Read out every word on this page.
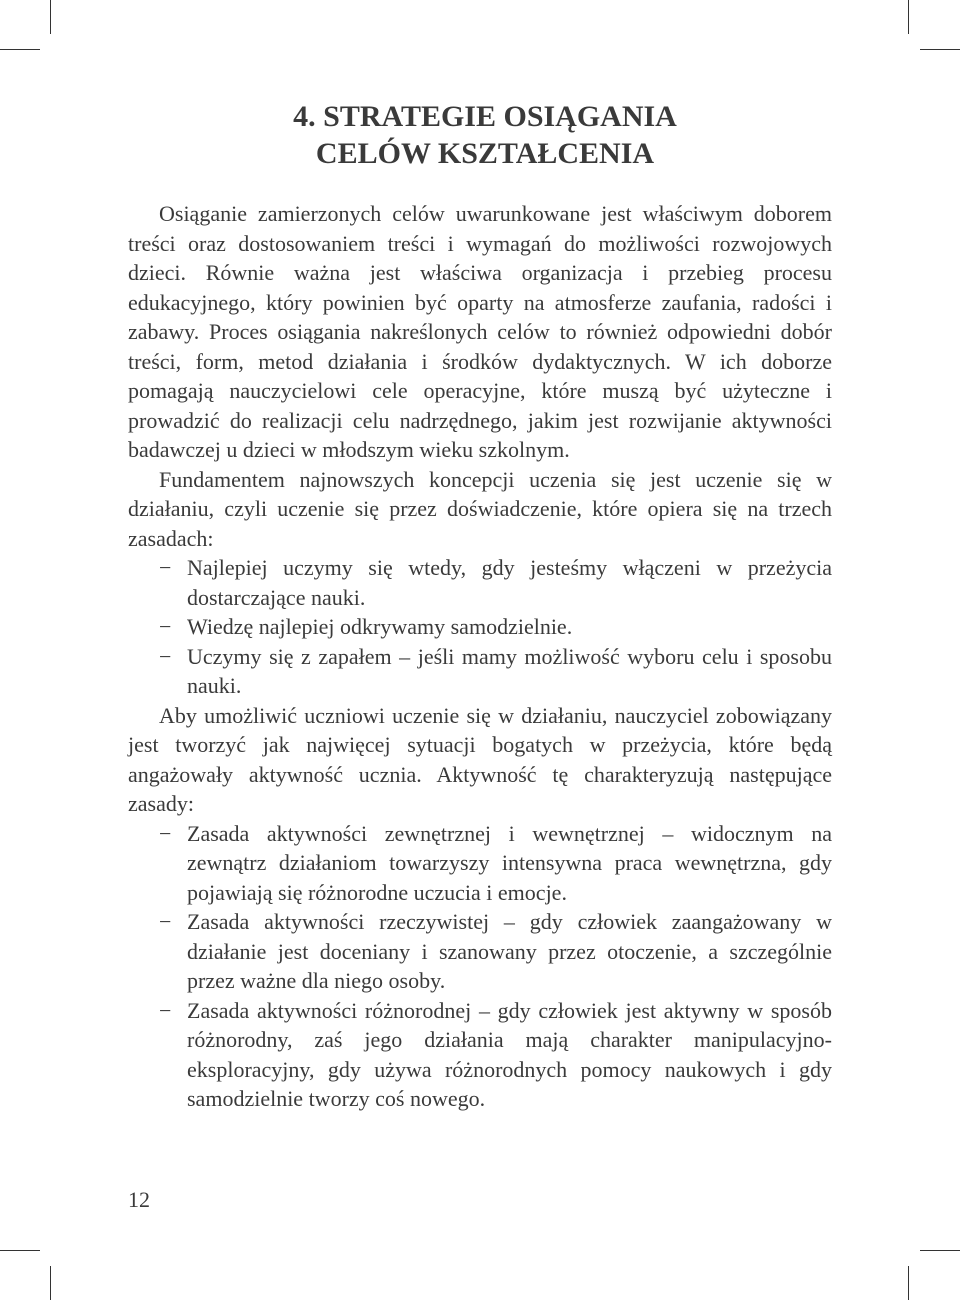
4. STRATEGIE OSIĄGANIA
CELÓW KSZTAŁCENIA

Osiąganie zamierzonych celów uwarunkowane jest właściwym doborem treści oraz dostosowaniem treści i wymagań do możliwości rozwojowych dzieci. Równie ważna jest właściwa organizacja i przebieg procesu edukacyjnego, który powinien być oparty na atmosferze zaufania, radości i zabawy. Proces osiągania nakreślonych celów to również odpowiedni dobór treści, form, metod działania i środków dydaktycznych. W ich doborze pomagają nauczycielowi cele operacyjne, które muszą być użyteczne i prowadzić do realizacji celu nadrzędnego, jakim jest rozwijanie aktywności badawczej u dzieci w młodszym wieku szkolnym.

Fundamentem najnowszych koncepcji uczenia się jest uczenie się w działaniu, czyli uczenie się przez doświadczenie, które opiera się na trzech zasadach:

− Najlepiej uczymy się wtedy, gdy jesteśmy włączeni w przeżycia dostarczające nauki.
− Wiedzę najlepiej odkrywamy samodzielnie.
− Uczymy się z zapałem – jeśli mamy możliwość wyboru celu i sposobu nauki.

Aby umożliwić uczniowi uczenie się w działaniu, nauczyciel zobowiązany jest tworzyć jak najwięcej sytuacji bogatych w przeżycia, które będą angażowały aktywność ucznia. Aktywność tę charakteryzują następujące zasady:

− Zasada aktywności zewnętrznej i wewnętrznej – widocznym na zewnątrz działaniom towarzyszy intensywna praca wewnętrzna, gdy pojawiają się różnorodne uczucia i emocje.
− Zasada aktywności rzeczywistej – gdy człowiek zaangażowany w działanie jest doceniany i szanowany przez otoczenie, a szczególnie przez ważne dla niego osoby.
− Zasada aktywności różnorodnej – gdy człowiek jest aktywny w sposób różnorodny, zaś jego działania mają charakter manipulacyjno-eksploracyjny, gdy używa różnorodnych pomocy naukowych i gdy samodzielnie tworzy coś nowego.
12
